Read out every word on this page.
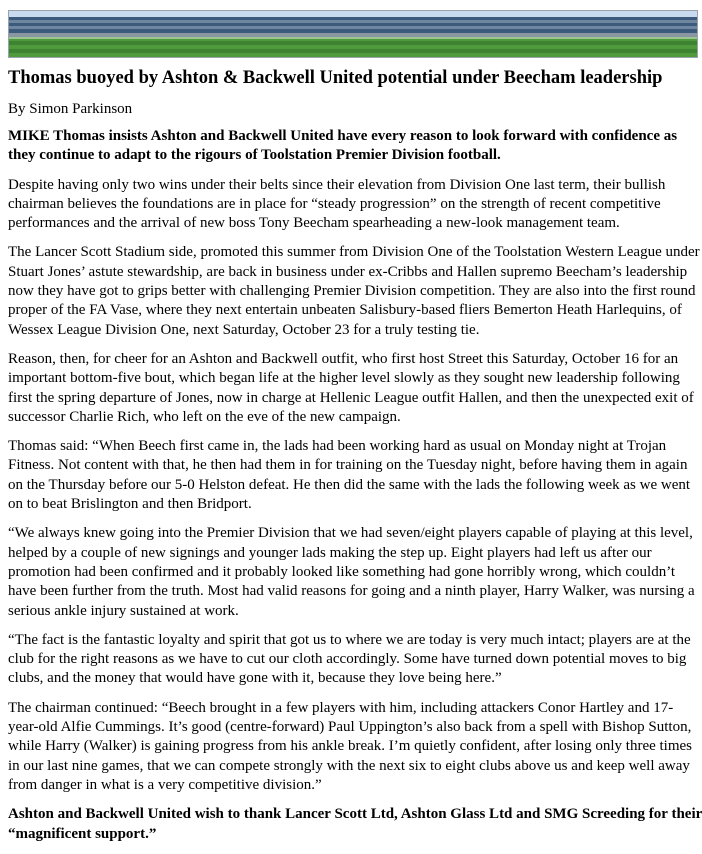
Thomas buoyed by Ashton & Backwell United potential under Beecham leadership

By Simon Parkinson

MIKE Thomas insists Ashton and Backwell United have every reason to look forward with confidence as they continue to adapt to the rigours of Toolstation Premier Division football.

Despite having only two wins under their belts since their elevation from Division One last term, their bullish chairman believes the foundations are in place for “steady progression” on the strength of recent competitive performances and the arrival of new boss Tony Beecham spearheading a new-look management team.

The Lancer Scott Stadium side, promoted this summer from Division One of the Toolstation Western League under Stuart Jones’ astute stewardship, are back in business under ex-Cribbs and Hallen supremo Beecham’s leadership now they have got to grips better with challenging Premier Division competition. They are also into the first round proper of the FA Vase, where they next entertain unbeaten Salisbury-based fliers Bemerton Heath Harlequins, of Wessex League Division One, next Saturday, October 23 for a truly testing tie.

Reason, then, for cheer for an Ashton and Backwell outfit, who first host Street this Saturday, October 16 for an important bottom-five bout, which began life at the higher level slowly as they sought new leadership following first the spring departure of Jones, now in charge at Hellenic League outfit Hallen, and then the unexpected exit of successor Charlie Rich, who left on the eve of the new campaign.

Thomas said: “When Beech first came in, the lads had been working hard as usual on Monday night at Trojan Fitness. Not content with that, he then had them in for training on the Tuesday night, before having them in again on the Thursday before our 5-0 Helston defeat. He then did the same with the lads the following week as we went on to beat Brislington and then Bridport.

“We always knew going into the Premier Division that we had seven/eight players capable of playing at this level, helped by a couple of new signings and younger lads making the step up. Eight players had left us after our promotion had been confirmed and it probably looked like something had gone horribly wrong, which couldn’t have been further from the truth. Most had valid reasons for going and a ninth player, Harry Walker, was nursing a serious ankle injury sustained at work.

“The fact is the fantastic loyalty and spirit that got us to where we are today is very much intact; players are at the club for the right reasons as we have to cut our cloth accordingly. Some have turned down potential moves to big clubs, and the money that would have gone with it, because they love being here.”

The chairman continued: “Beech brought in a few players with him, including attackers Conor Hartley and 17-year-old Alfie Cummings. It’s good (centre-forward) Paul Uppington’s also back from a spell with Bishop Sutton, while Harry (Walker) is gaining progress from his ankle break. I’m quietly confident, after losing only three times in our last nine games, that we can compete strongly with the next six to eight clubs above us and keep well away from danger in what is a very competitive division.”

Ashton and Backwell United wish to thank Lancer Scott Ltd, Ashton Glass Ltd and SMG Screeding for their “magnificent support.”
